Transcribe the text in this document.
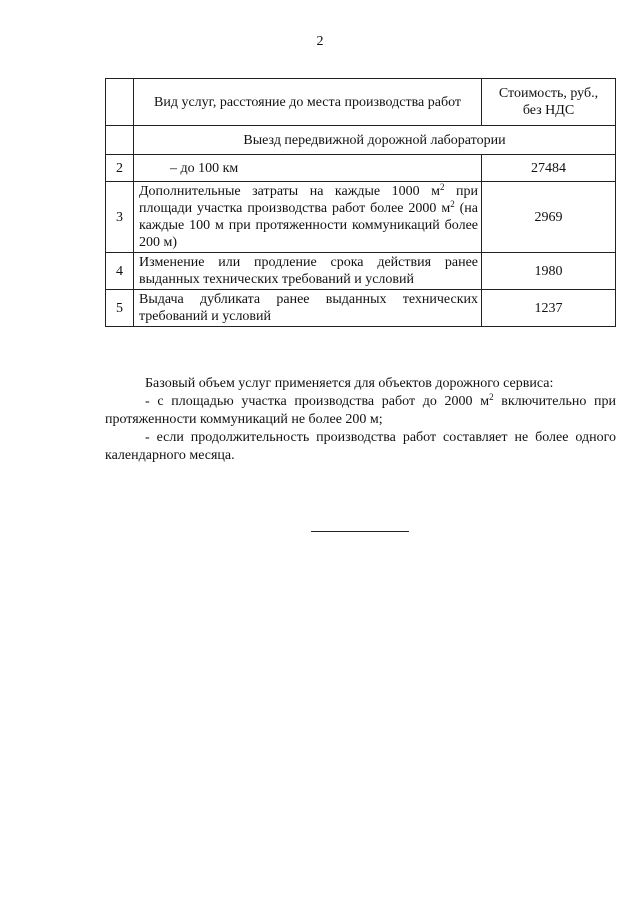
2
	Вид услуг, расстояние до места производства работ	Стоимость, руб., без НДС
	Выезд передвижной дорожной лаборатории	
2	– до 100 км	27484
3	Дополнительные затраты на каждые 1000 $м^2$ при площади участка производства работ более 2000 $м^2$ (на каждые 100 м при протяженности коммуникаций более 200 м)	2969
4	Изменение или продление срока действия ранее выданных технических требований и условий	1980
5	Выдача дубликата ранее выданных технических требований и условий	1237

Базовый объем услуг применяется для объектов дорожного сервиса:

- с площадью участка производства работ до 2000 $м^2$ включительно при протяженности коммуникаций не более 200 м;

- если продолжительность производства работ составляет не более одного календарного месяца.
